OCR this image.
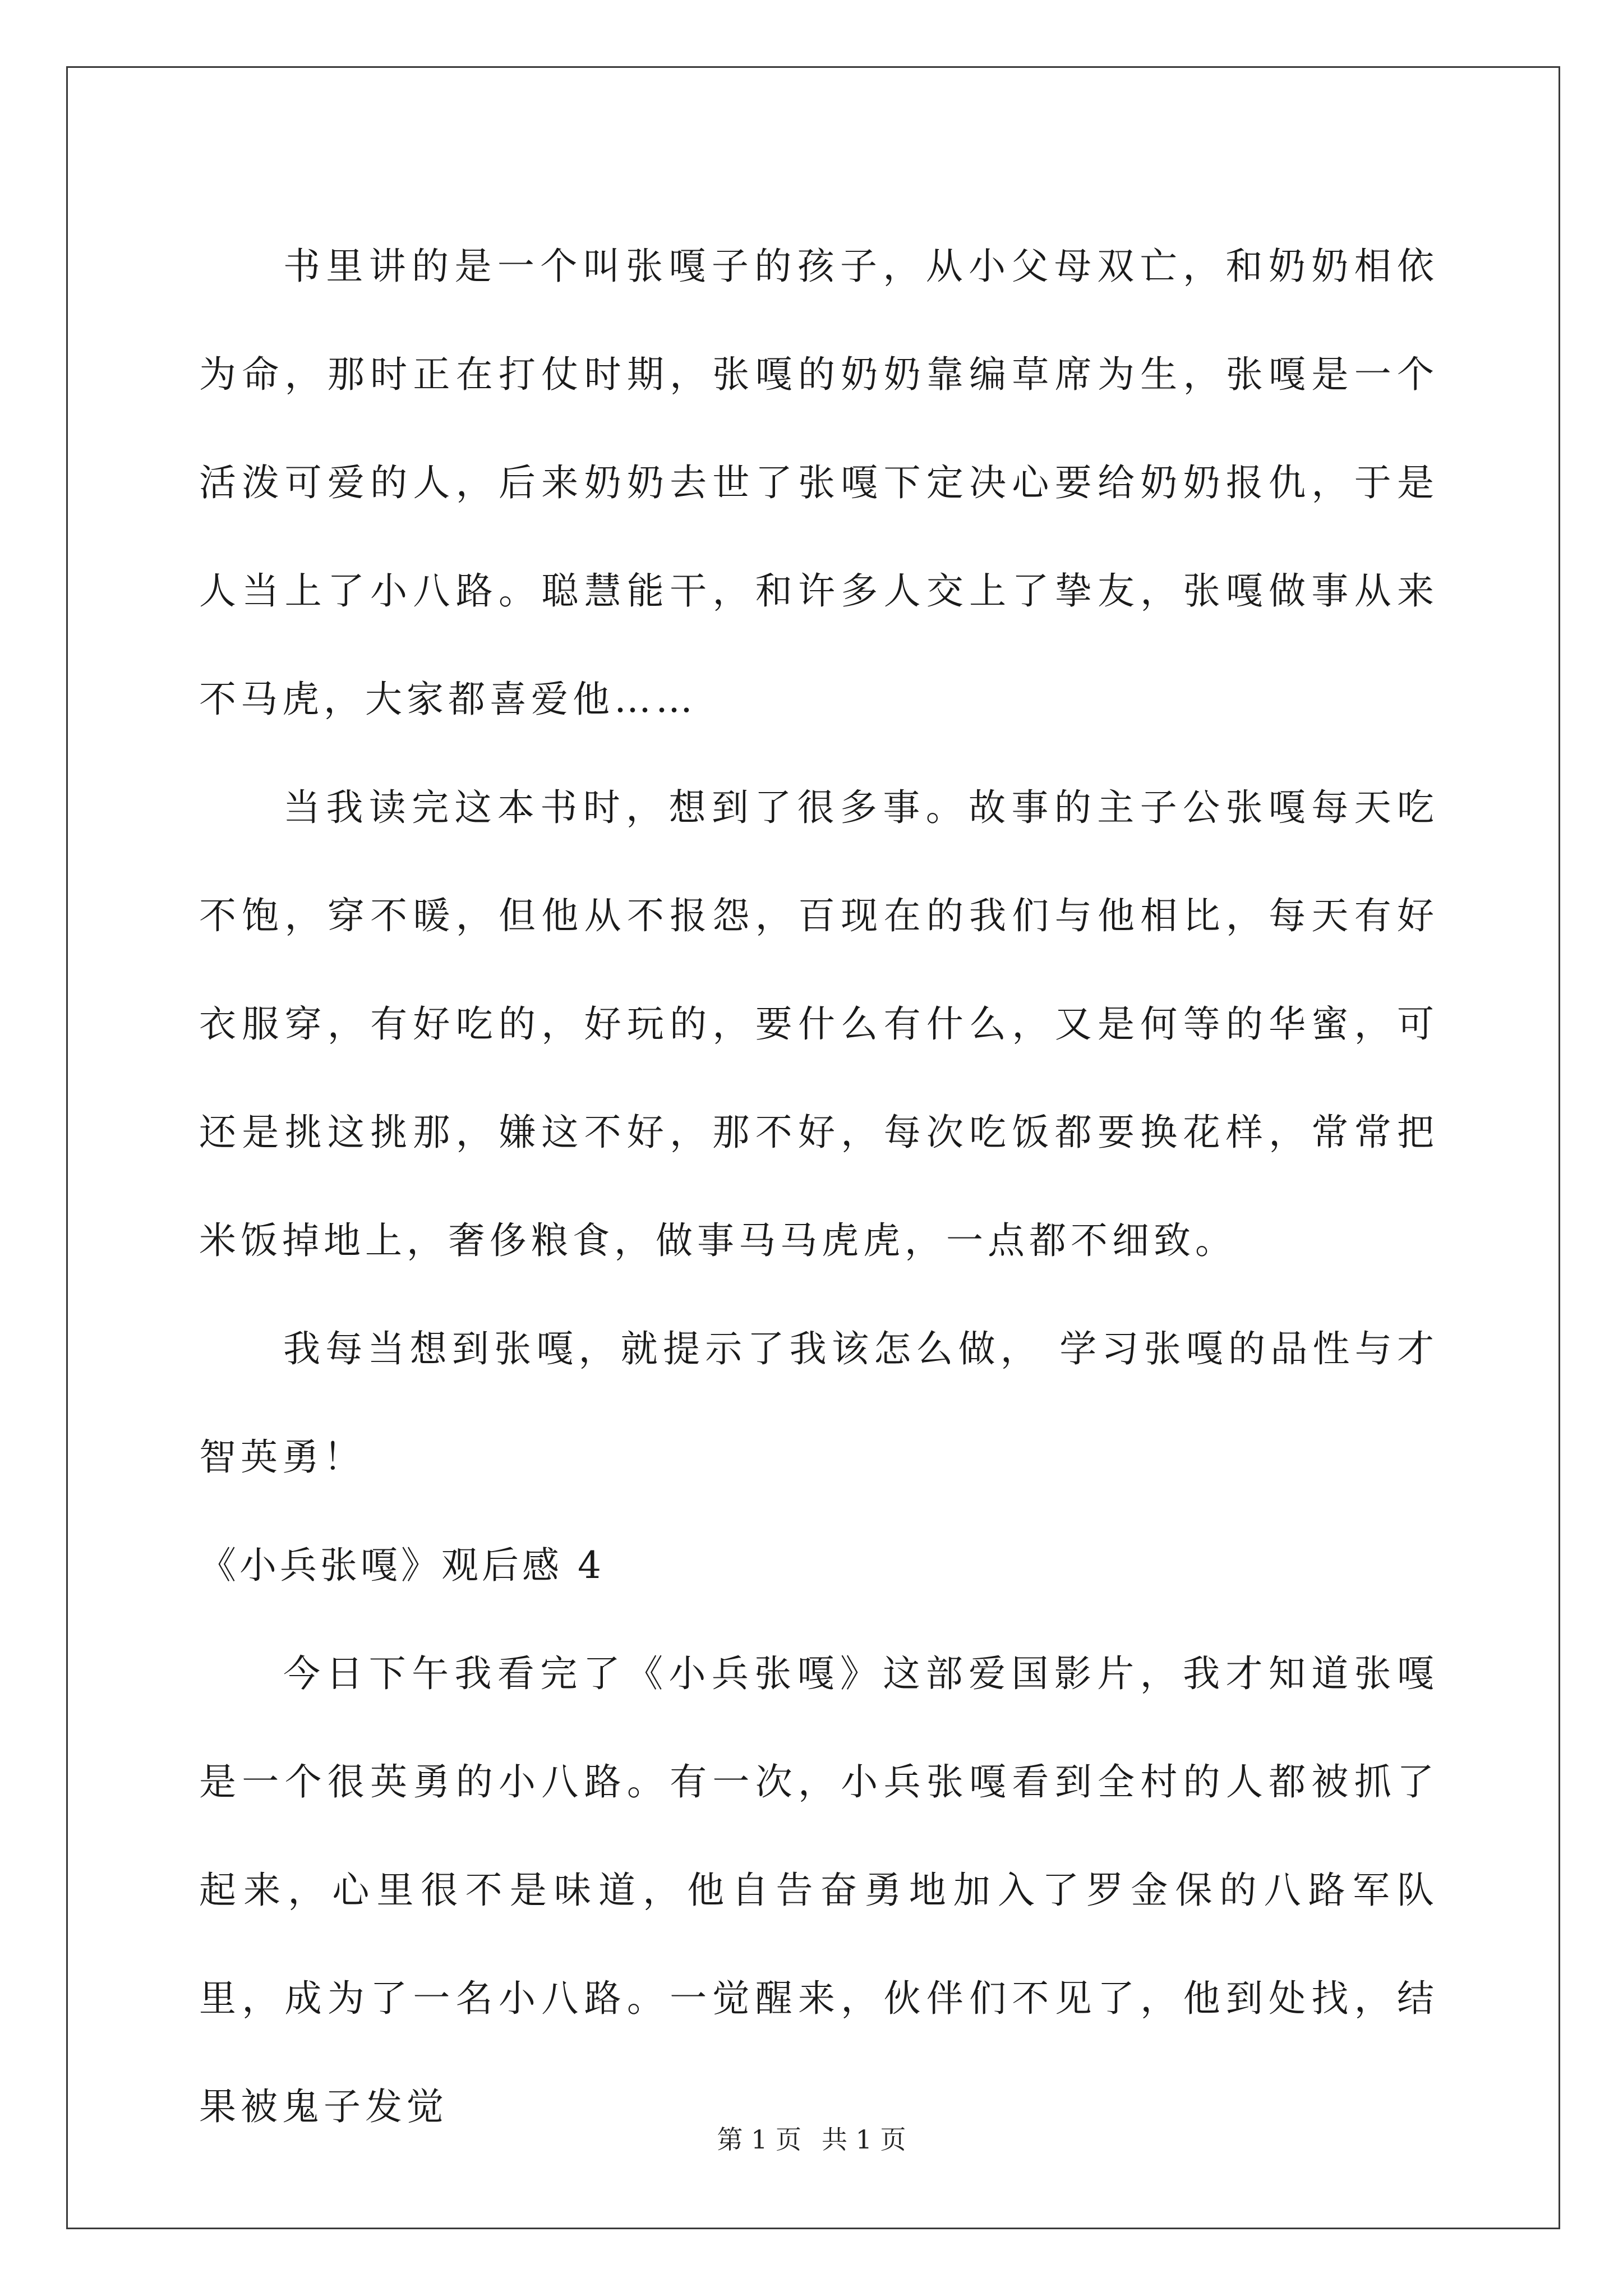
书里讲的是一个叫张嘎子的孩子，从小父母双亡，和奶奶相依为命，那时正在打仗时期，张嘎的奶奶靠编草席为生，张嘎是一个活泼可爱的人，后来奶奶去世了张嘎下定决心要给奶奶报仇，于是人当上了小八路。聪慧能干，和许多人交上了挚友，张嘎做事从来不马虎，大家都喜爱他……

当我读完这本书时，想到了很多事。故事的主子公张嘎每天吃不饱，穿不暖，但他从不报怨，百现在的我们与他相比，每天有好衣服穿，有好吃的，好玩的，要什么有什么，又是何等的华蜜，可还是挑这挑那，嫌这不好，那不好，每次吃饭都要换花样，常常把米饭掉地上，奢侈粮食，做事马马虎虎，一点都不细致。

我每当想到张嘎，就提示了我该怎么做， 学习张嘎的品性与才智英勇！

《小兵张嘎》观后感 4

今日下午我看完了《小兵张嘎》这部爱国影片，我才知道张嘎是一个很英勇的小八路。有一次，小兵张嘎看到全村的人都被抓了起来，心里很不是味道，他自告奋勇地加入了罗金保的八路军队里，成为了一名小八路。一觉醒来，伙伴们不见了，他到处找，结果被鬼子发觉

第 1 页 共 1 页
